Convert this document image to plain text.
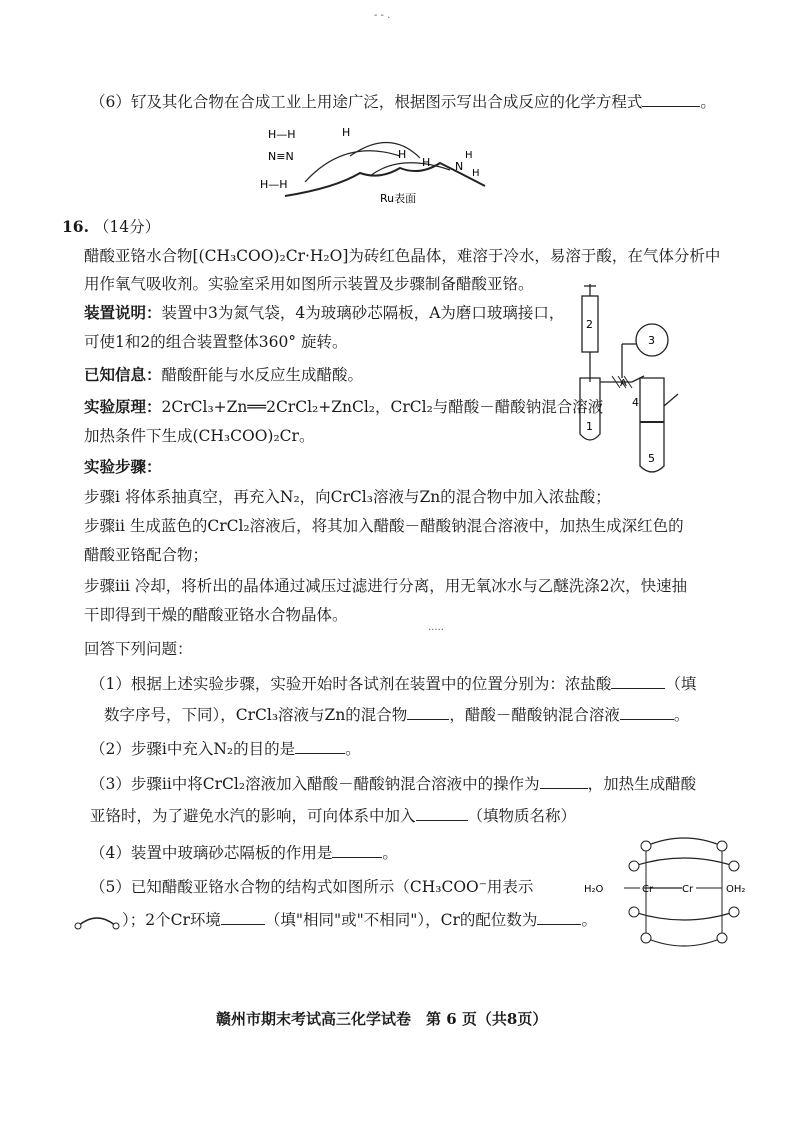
- - .
（6）钌及其化合物在合成工业上用途广泛，根据图示写出合成反应的化学方程式	。
H—H
N≡N
H—H
H
H
H N
H
H
Ru表面
16. （14分）
醋酸亚铬水合物[(CH₃COO)₂Cr·H₂O]为砖红色晶体，难溶于冷水，易溶于酸，在气体分析中
用作氧气吸收剂。实验室采用如图所示装置及步骤制备醋酸亚铬。
装置说明：装置中3为氮气袋，4为玻璃砂芯隔板，A为磨口玻璃接口，
可使1和2的组合装置整体360° 旋转。
已知信息：醋酸酐能与水反应生成醋酸。
实验原理：2CrCl₃+Zn══2CrCl₂+ZnCl₂，CrCl₂与醋酸－醋酸钠混合溶液
加热条件下生成(CH₃COO)₂Cr。
实验步骤：
步骤ⅰ 将体系抽真空，再充入N₂，向CrCl₃溶液与Zn的混合物中加入浓盐酸；
步骤ⅱ 生成蓝色的CrCl₂溶液后，将其加入醋酸－醋酸钠混合溶液中，加热生成深红色的
醋酸亚铬配合物；
步骤ⅲ 冷却，将析出的晶体通过减压过滤进行分离，用无氧冰水与乙醚洗涤2次，快速抽
干即得到干燥的醋酸亚铬水合物晶体。
.....
回答下列问题：
（1）根据上述实验步骤，实验开始时各试剂在装置中的位置分别为：浓盐酸	（填
数字序号，下同），CrCl₃溶液与Zn的混合物	，醋酸－醋酸钠混合溶液	。
（2）步骤ⅰ中充入N₂的目的是	。
（3）步骤ⅱ中将CrCl₂溶液加入醋酸－醋酸钠混合溶液中的操作为	，加热生成醋酸
亚铬时，为了避免水汽的影响，可向体系中加入	（填物质名称）
（4）装置中玻璃砂芯隔板的作用是	。
（5）已知醋酸亚铬水合物的结构式如图所示（CH₃COO⁻用表示
）；2个Cr环境	（填"相同"或"不相同"），Cr的配位数为	。
2
1
3
A
4
5
H₂O	Cr	Cr	OH₂
赣州市期末考试高三化学试卷　第 6 页（共8页）
